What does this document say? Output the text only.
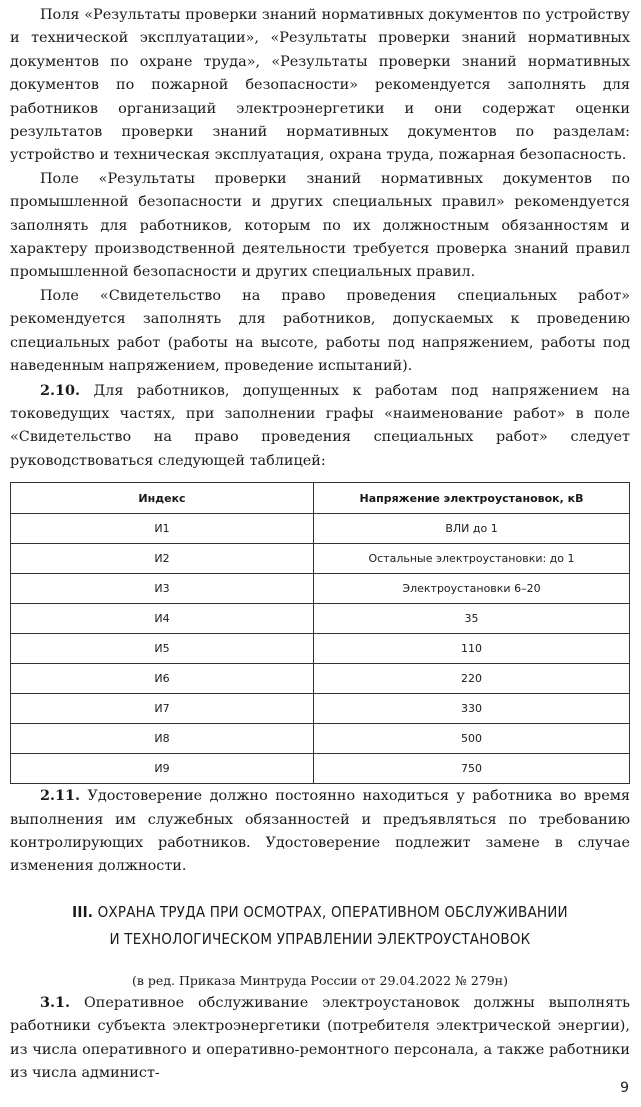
Поля «Результаты проверки знаний нормативных документов по устройству и технической эксплуатации», «Результаты проверки знаний нормативных документов по охране труда», «Результаты проверки знаний нормативных документов по пожарной безопасности» рекомендуется заполнять для работников организаций электроэнергетики и они содержат оценки результатов проверки знаний нормативных документов по разделам: устройство и техническая эксплуатация, охрана труда, пожарная безопасность.

Поле «Результаты проверки знаний нормативных документов по промышленной безопасности и других специальных правил» рекомендуется заполнять для работников, которым по их должностным обязанностям и характеру производственной деятельности требуется проверка знаний правил промышленной безопасности и других специальных правил.

Поле «Свидетельство на право проведения специальных работ» рекомендуется заполнять для работников, допускаемых к проведению специальных работ (работы на высоте, работы под напряжением, работы под наведенным напряжением, проведение испытаний).

2.10. Для работников, допущенных к работам под напряжением на токоведущих частях, при заполнении графы «наименование работ» в поле «Свидетельство на право проведения специальных работ» следует руководствоваться следующей таблицей:

Индекс	Напряжение электроустановок, кВ
И1	ВЛИ до 1
И2	Остальные электроустановки: до 1
И3	Электроустановки 6–20
И4	35
И5	110
И6	220
И7	330
И8	500
И9	750

2.11. Удостоверение должно постоянно находиться у работника во время выполнения им служебных обязанностей и предъявляться по требованию контролирующих работников. Удостоверение подлежит замене в случае изменения должности.

III. ОХРАНА ТРУДА ПРИ ОСМОТРАХ, ОПЕРАТИВНОМ ОБСЛУЖИВАНИИ
И ТЕХНОЛОГИЧЕСКОМ УПРАВЛЕНИИ ЭЛЕКТРОУСТАНОВОК
(в ред. Приказа Минтруда России от 29.04.2022 № 279н)

3.1. Оперативное обслуживание электроустановок должны выполнять работники субъекта электроэнергетики (потребителя электрической энергии), из числа оперативного и оперативно-ремонтного персонала, а также работники из числа админист-

9
